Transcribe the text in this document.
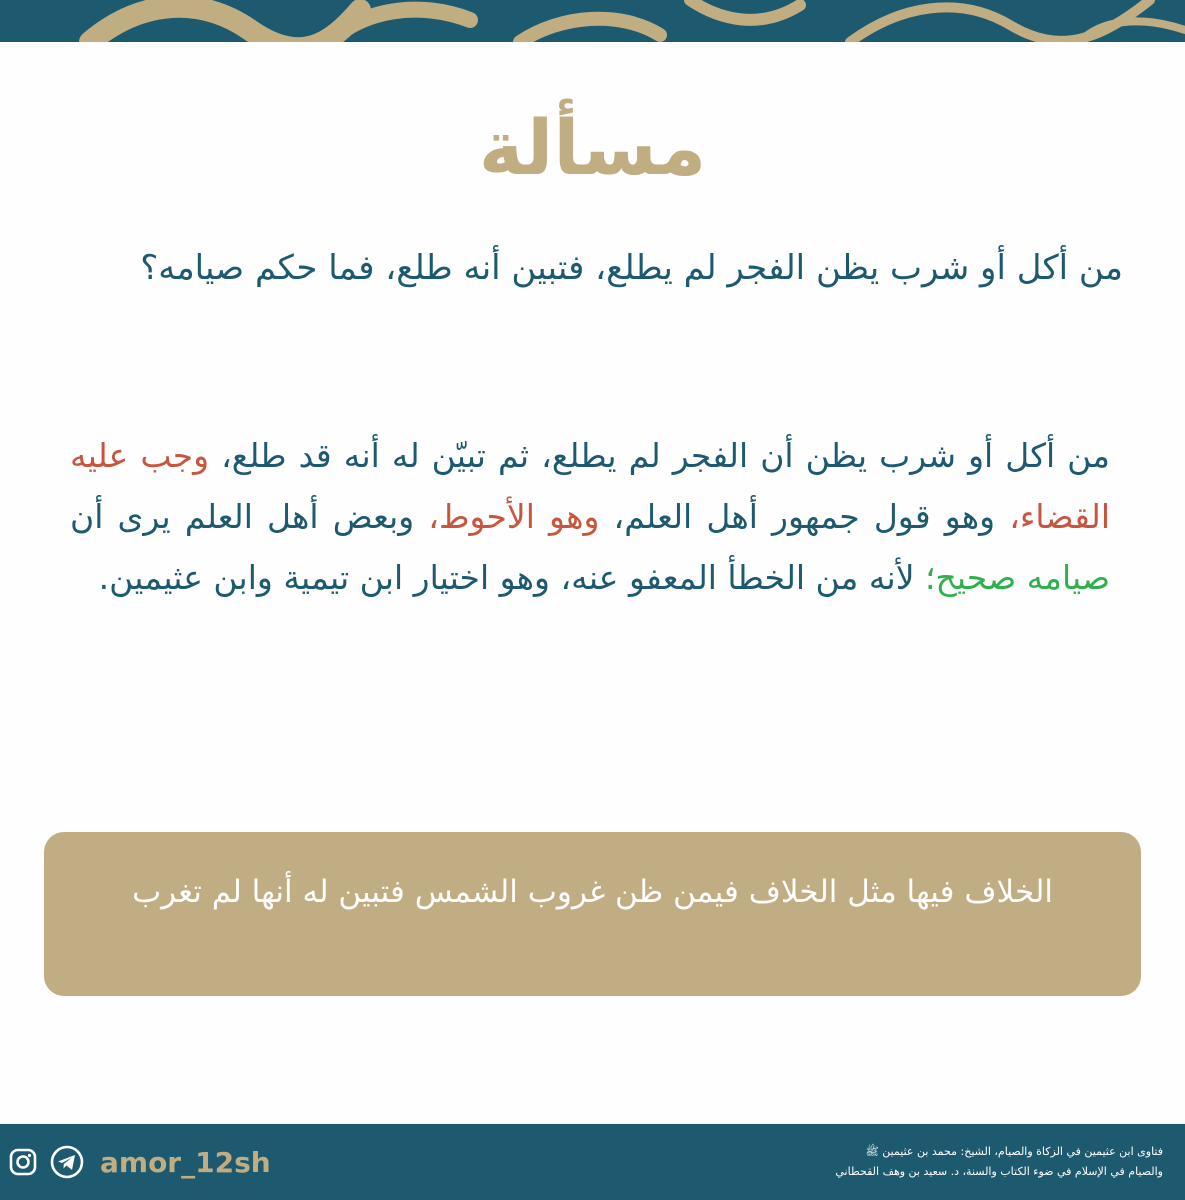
مسألة
من أكل أو شرب يظن الفجر لم يطلع، فتبين أنه طلع، فما حكم صيامه؟
من أكل أو شرب يظن أن الفجر لم يطلع، ثم تبيّن له أنه قد طلع، وجب عليه القضاء، وهو قول جمهور أهل العلم، وهو الأحوط، وبعض أهل العلم يرى أن صيامه صحيح؛ لأنه من الخطأ المعفو عنه، وهو اختيار ابن تيمية وابن عثيمين.
الخلاف فيها مثل الخلاف فيمن ظن غروب الشمس فتبين له أنها لم تغرب
amor_12sh	فتاوى ابن عثيمين في الزكاة والصيام، الشيخ: محمد بن عثيمين ﷺ
والصيام في الإسلام في ضوء الكتاب والسنة، د. سعيد بن وهف القحطاني
